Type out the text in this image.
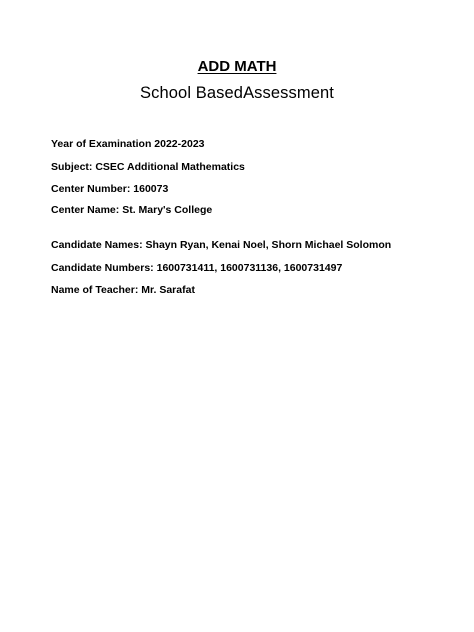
ADD MATH
School BasedAssessment
Year of Examination 2022-2023
Subject: CSEC Additional Mathematics
Center Number: 160073
Center Name: St. Mary's College
Candidate Names: Shayn Ryan, Kenai Noel, Shorn Michael Solomon
Candidate Numbers: 1600731411, 1600731136, 1600731497
Name of Teacher: Mr. Sarafat
